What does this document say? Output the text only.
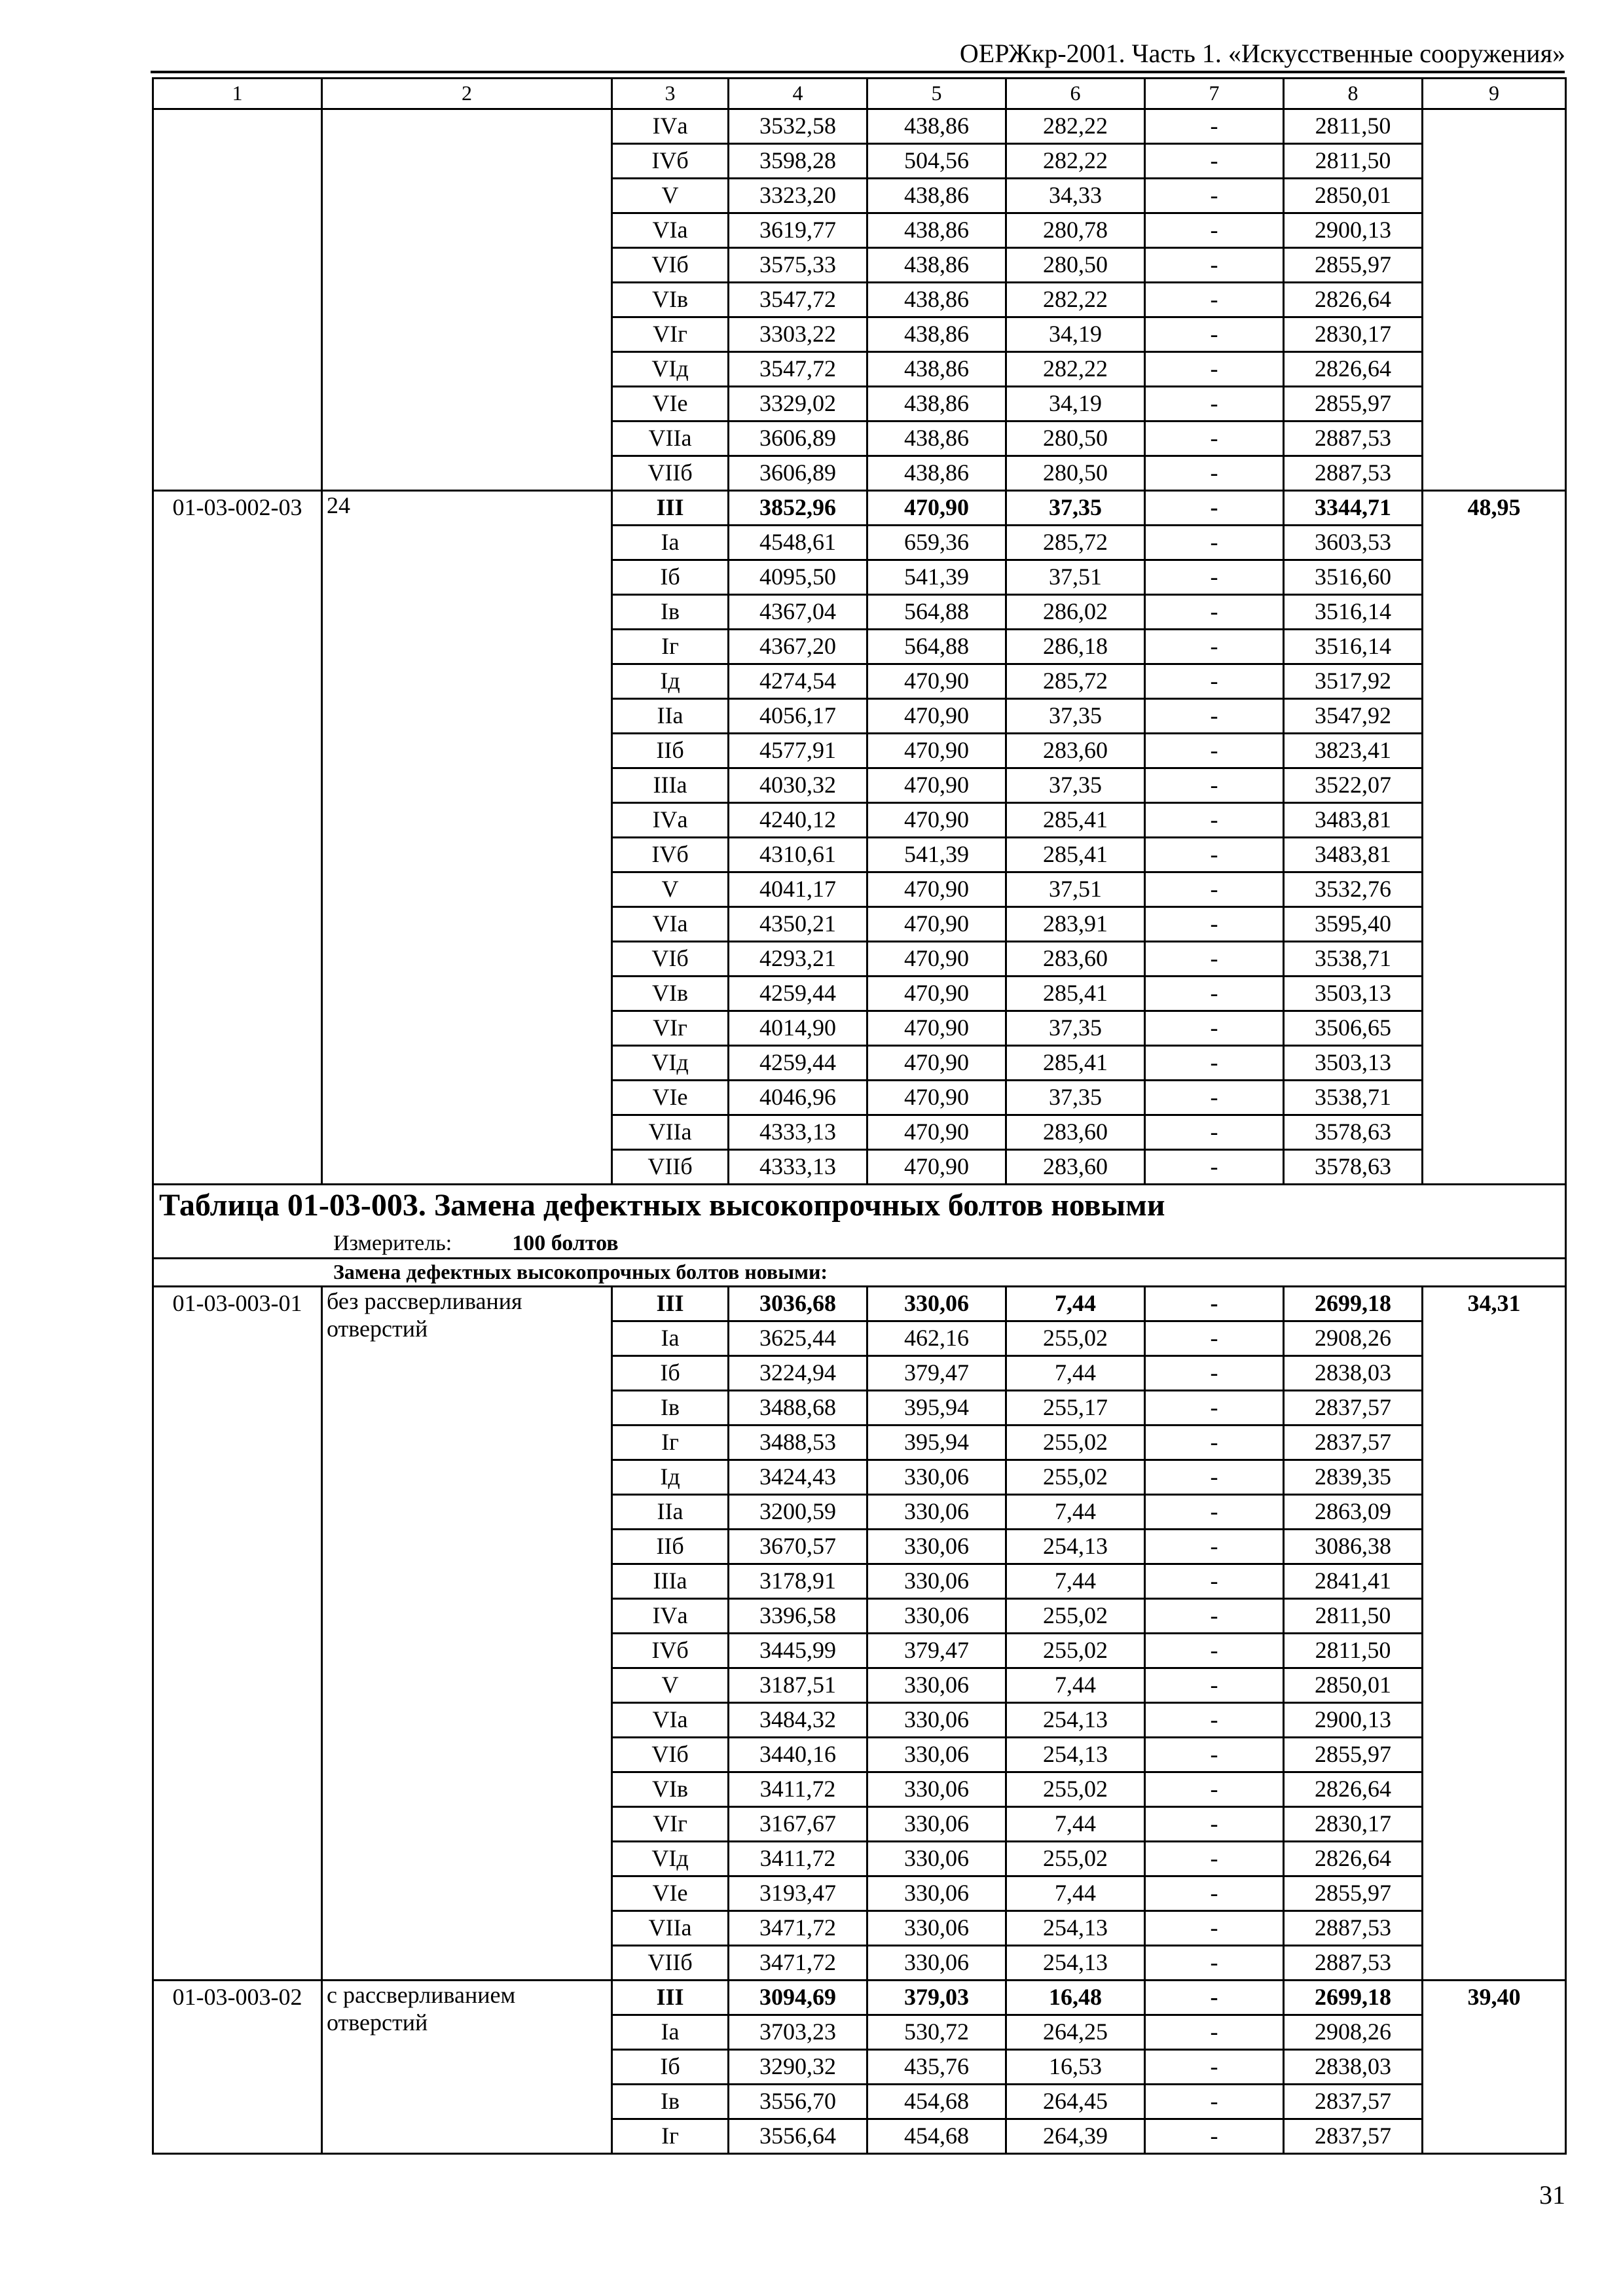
ОЕРЖкр-2001. Часть 1. «Искусственные сооружения»
1	2	3	4	5	6	7	8	9
		IVа	3532,58	438,86	282,22	-	2811,50	
		IVб	3598,28	504,56	282,22	-	2811,50	
		V	3323,20	438,86	34,33	-	2850,01	
		VIа	3619,77	438,86	280,78	-	2900,13	
		VIб	3575,33	438,86	280,50	-	2855,97	
		VIв	3547,72	438,86	282,22	-	2826,64	
		VIг	3303,22	438,86	34,19	-	2830,17	
		VIд	3547,72	438,86	282,22	-	2826,64	
		VIе	3329,02	438,86	34,19	-	2855,97	
		VIIа	3606,89	438,86	280,50	-	2887,53	
		VIIб	3606,89	438,86	280,50	-	2887,53	
01-03-002-03	24	III	3852,96	470,90	37,35	-	3344,71	48,95
		Iа	4548,61	659,36	285,72	-	3603,53	
		Iб	4095,50	541,39	37,51	-	3516,60	
		Iв	4367,04	564,88	286,02	-	3516,14	
		Iг	4367,20	564,88	286,18	-	3516,14	
		Iд	4274,54	470,90	285,72	-	3517,92	
		IIа	4056,17	470,90	37,35	-	3547,92	
		IIб	4577,91	470,90	283,60	-	3823,41	
		IIIа	4030,32	470,90	37,35	-	3522,07	
		IVа	4240,12	470,90	285,41	-	3483,81	
		IVб	4310,61	541,39	285,41	-	3483,81	
		V	4041,17	470,90	37,51	-	3532,76	
		VIа	4350,21	470,90	283,91	-	3595,40	
		VIб	4293,21	470,90	283,60	-	3538,71	
		VIв	4259,44	470,90	285,41	-	3503,13	
		VIг	4014,90	470,90	37,35	-	3506,65	
		VIд	4259,44	470,90	285,41	-	3503,13	
		VIе	4046,96	470,90	37,35	-	3538,71	
		VIIа	4333,13	470,90	283,60	-	3578,63	
		VIIб	4333,13	470,90	283,60	-	3578,63	
Таблица 01-03-003. Замена дефектных высокопрочных болтов новыми								
Измеритель: 100 болтов								
Замена дефектных высокопрочных болтов новыми:								
01-03-003-01	без рассверливания отверстий	III	3036,68	330,06	7,44	-	2699,18	34,31
		Iа	3625,44	462,16	255,02	-	2908,26	
		Iб	3224,94	379,47	7,44	-	2838,03	
		Iв	3488,68	395,94	255,17	-	2837,57	
		Iг	3488,53	395,94	255,02	-	2837,57	
		Iд	3424,43	330,06	255,02	-	2839,35	
		IIа	3200,59	330,06	7,44	-	2863,09	
		IIб	3670,57	330,06	254,13	-	3086,38	
		IIIа	3178,91	330,06	7,44	-	2841,41	
		IVа	3396,58	330,06	255,02	-	2811,50	
		IVб	3445,99	379,47	255,02	-	2811,50	
		V	3187,51	330,06	7,44	-	2850,01	
		VIа	3484,32	330,06	254,13	-	2900,13	
		VIб	3440,16	330,06	254,13	-	2855,97	
		VIв	3411,72	330,06	255,02	-	2826,64	
		VIг	3167,67	330,06	7,44	-	2830,17	
		VIд	3411,72	330,06	255,02	-	2826,64	
		VIе	3193,47	330,06	7,44	-	2855,97	
		VIIа	3471,72	330,06	254,13	-	2887,53	
		VIIб	3471,72	330,06	254,13	-	2887,53	
01-03-003-02	с рассверливанием отверстий	III	3094,69	379,03	16,48	-	2699,18	39,40
		Iа	3703,23	530,72	264,25	-	2908,26	
		Iб	3290,32	435,76	16,53	-	2838,03	
		Iв	3556,70	454,68	264,45	-	2837,57	
		Iг	3556,64	454,68	264,39	-	2837,57	
31
